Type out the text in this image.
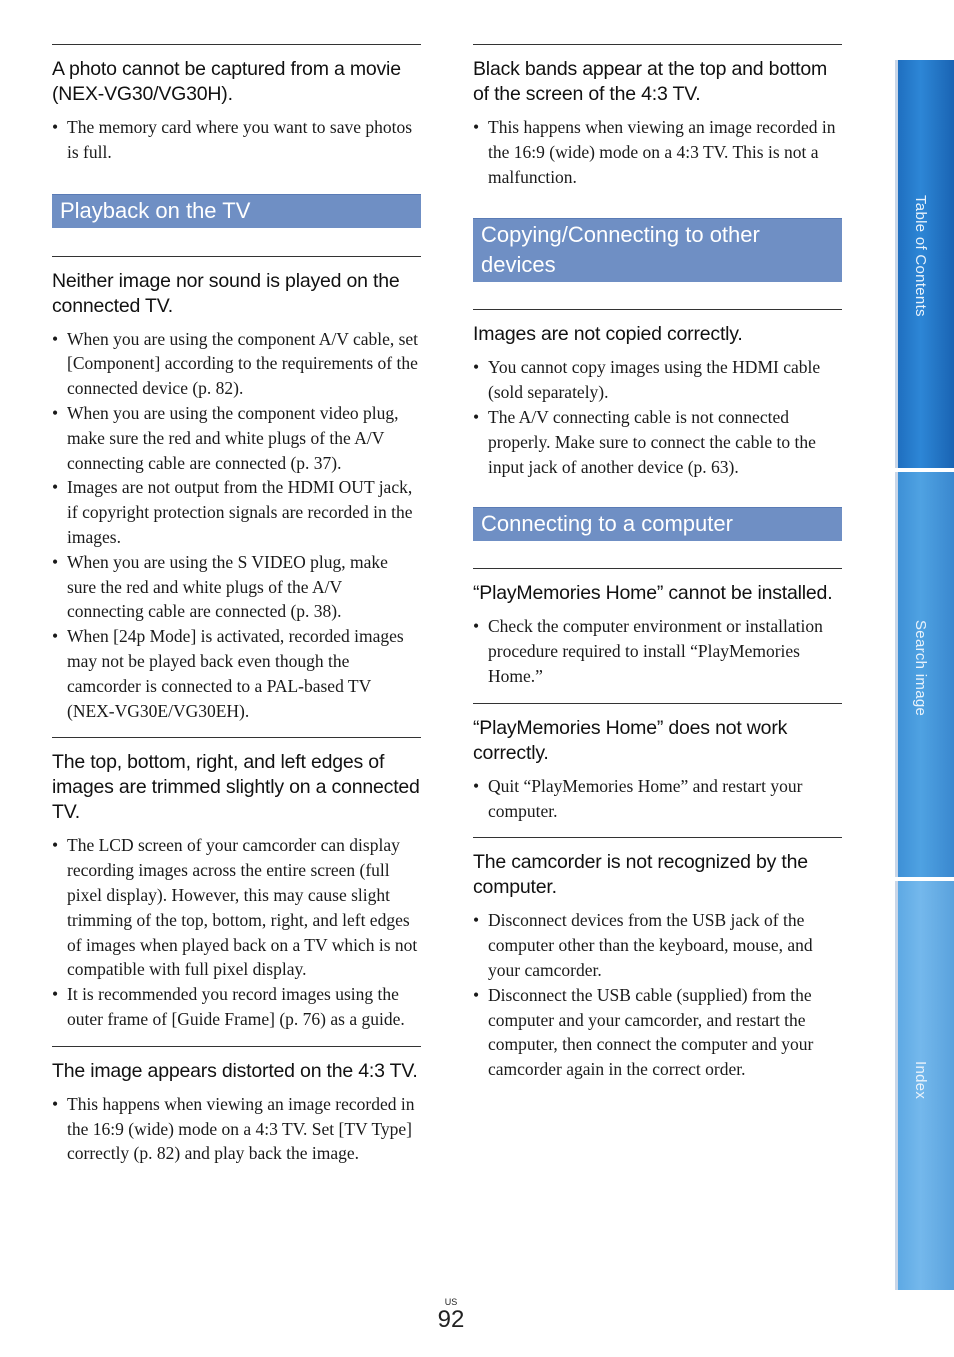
A photo cannot be captured from a movie (NEX-VG30/VG30H).
• The memory card where you want to save photos is full.
Playback on the TV
Neither image nor sound is played on the connected TV.
• When you are using the component A/V cable, set [Component] according to the requirements of the connected device (p. 82).
• When you are using the component video plug, make sure the red and white plugs of the A/V connecting cable are connected (p. 37).
• Images are not output from the HDMI OUT jack, if copyright protection signals are recorded in the images.
• When you are using the S VIDEO plug, make sure the red and white plugs of the A/V connecting cable are connected (p. 38).
• When [24p Mode] is activated, recorded images may not be played back even though the camcorder is connected to a PAL-based TV (NEX-VG30E/VG30EH).
The top, bottom, right, and left edges of images are trimmed slightly on a connected TV.
• The LCD screen of your camcorder can display recording images across the entire screen (full pixel display). However, this may cause slight trimming of the top, bottom, right, and left edges of images when played back on a TV which is not compatible with full pixel display.
• It is recommended you record images using the outer frame of [Guide Frame] (p. 76) as a guide.
The image appears distorted on the 4:3 TV.
• This happens when viewing an image recorded in the 16:9 (wide) mode on a 4:3 TV. Set [TV Type] correctly (p. 82) and play back the image.
Black bands appear at the top and bottom of the screen of the 4:3 TV.
• This happens when viewing an image recorded in the 16:9 (wide) mode on a 4:3 TV. This is not a malfunction.
Copying/Connecting to other devices
Images are not copied correctly.
• You cannot copy images using the HDMI cable (sold separately).
• The A/V connecting cable is not connected properly. Make sure to connect the cable to the input jack of another device (p. 63).
Connecting to a computer
“PlayMemories Home” cannot be installed.
• Check the computer environment or installation procedure required to install “PlayMemories Home.”
“PlayMemories Home” does not work correctly.
• Quit “PlayMemories Home” and restart your computer.
The camcorder is not recognized by the computer.
• Disconnect devices from the USB jack of the computer other than the keyboard, mouse, and your camcorder.
• Disconnect the USB cable (supplied) from the computer and your camcorder, and restart the computer, then connect the computer and your camcorder again in the correct order.
Table of Contents
Search image
Index
US
92
